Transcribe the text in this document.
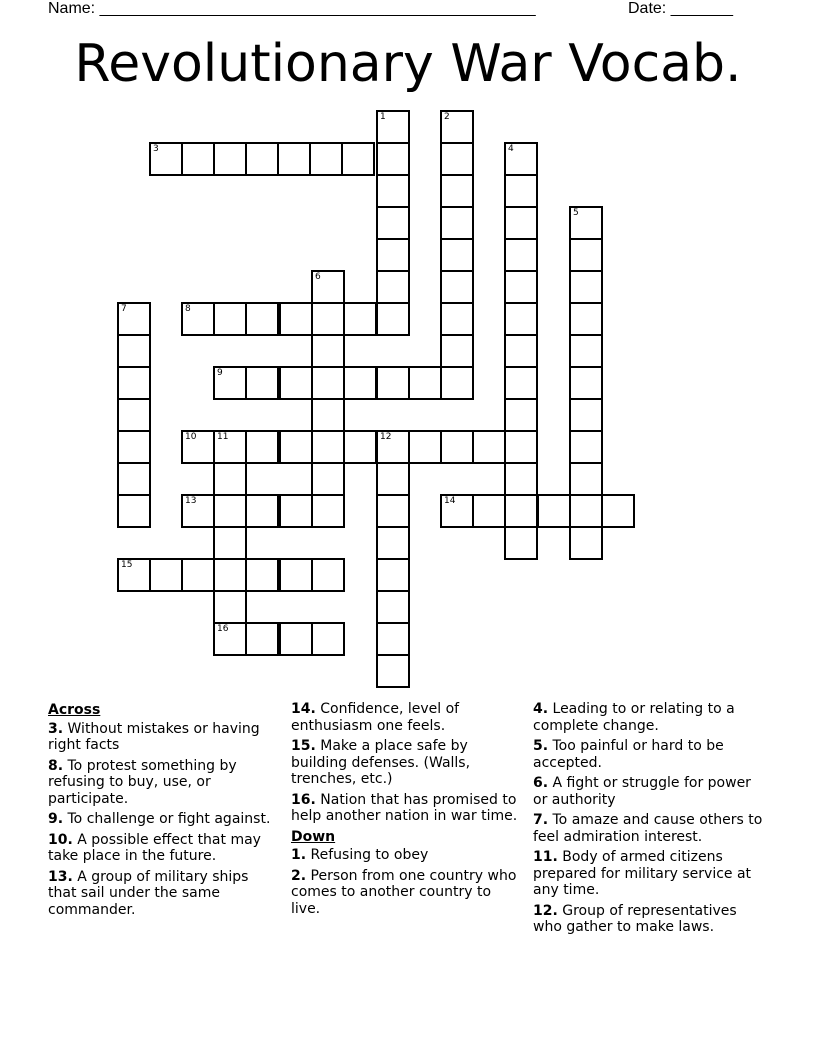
Name: _________________________________________________	Date: _______
Revolutionary War Vocab.
1	2
3	4
5
6
7	8
9
10 11	12
16
13	14
15
Across
3. Without mistakes or having right facts
8. To protest something by refusing to buy, use, or participate.
9. To challenge or fight against.
10. A possible effect that may take place in the future.
13. A group of military ships that sail under the same commander.
14. Confidence, level of enthusiasm one feels.
15. Make a place safe by building defenses. (Walls, trenches, etc.)
16. Nation that has promised to help another nation in war time.
Down
1. Refusing to obey
2. Person from one country who comes to another country to live.
4. Leading to or relating to a complete change.
5. Too painful or hard to be accepted.
6. A fight or struggle for power or authority
7. To amaze and cause others to feel admiration interest.
11. Body of armed citizens prepared for military service at any time.
12. Group of representatives who gather to make laws.
